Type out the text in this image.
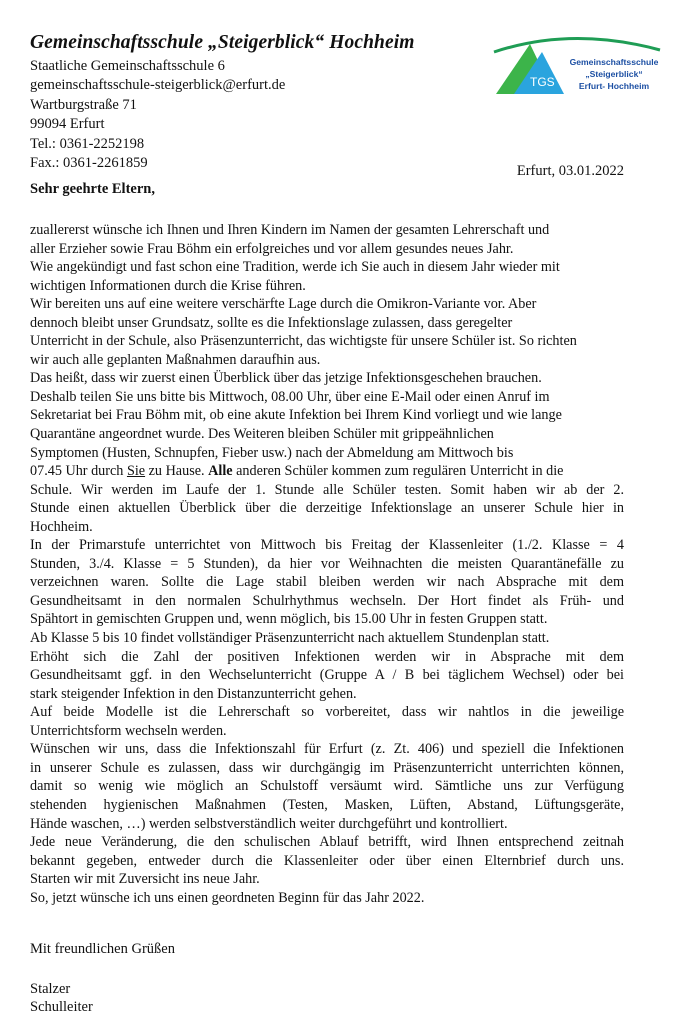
Gemeinschaftsschule „Steigerblick“ Hochheim
Staatliche Gemeinschaftsschule 6
gemeinschaftsschule-steigerblick@erfurt.de
Wartburgstraße 71
99094 Erfurt
Tel.: 0361-2252198
Fax.: 0361-2261859
TGS
Gemeinschaftsschule
„Steigerblick“
Erfurt- Hochheim
Erfurt, 03.01.2022
Sehr geehrte Eltern,
zuallererst wünsche ich Ihnen und Ihren Kindern im Namen der gesamten Lehrerschaft und
aller Erzieher sowie Frau Böhm ein erfolgreiches und vor allem gesundes neues Jahr.
Wie angekündigt und fast schon eine Tradition, werde ich Sie auch in diesem Jahr wieder mit
wichtigen Informationen durch die Krise führen.
Wir bereiten uns auf eine weitere verschärfte Lage durch die Omikron-Variante vor. Aber
dennoch bleibt unser Grundsatz, sollte es die Infektionslage zulassen, dass geregelter
Unterricht in der Schule, also Präsenzunterricht, das wichtigste für unsere Schüler ist. So richten
wir auch alle geplanten Maßnahmen daraufhin aus.
Das heißt, dass wir zuerst einen Überblick über das jetzige Infektionsgeschehen brauchen.
Deshalb teilen Sie uns bitte bis Mittwoch, 08.00 Uhr, über eine E-Mail oder einen Anruf im
Sekretariat bei Frau Böhm mit, ob eine akute Infektion bei Ihrem Kind vorliegt und wie lange
Quarantäne angeordnet wurde. Des Weiteren bleiben Schüler mit grippeähnlichen
Symptomen (Husten, Schnupfen, Fieber usw.) nach der Abmeldung am Mittwoch bis
07.45 Uhr durch Sie zu Hause. Alle anderen Schüler kommen zum regulären Unterricht in die
Schule. Wir werden im Laufe der 1. Stunde alle Schüler testen. Somit haben wir ab der 2.
Stunde einen aktuellen Überblick über die derzeitige Infektionslage an unserer Schule hier in
Hochheim.
In der Primarstufe unterrichtet von Mittwoch bis Freitag der Klassenleiter (1./2. Klasse = 4
Stunden, 3./4. Klasse = 5 Stunden), da hier vor Weihnachten die meisten Quarantänefälle zu
verzeichnen waren. Sollte die Lage stabil bleiben werden wir nach Absprache mit dem
Gesundheitsamt in den normalen Schulrhythmus wechseln. Der Hort findet als Früh- und
Spähtort in gemischten Gruppen und, wenn möglich, bis 15.00 Uhr in festen Gruppen statt.
Ab Klasse 5 bis 10 findet vollständiger Präsenzunterricht nach aktuellem Stundenplan statt.
Erhöht sich die Zahl der positiven Infektionen werden wir in Absprache mit dem
Gesundheitsamt ggf. in den Wechselunterricht (Gruppe A / B bei täglichem Wechsel) oder bei
stark steigender Infektion in den Distanzunterricht gehen.
Auf beide Modelle ist die Lehrerschaft so vorbereitet, dass wir nahtlos in die jeweilige
Unterrichtsform wechseln werden.
Wünschen wir uns, dass die Infektionszahl für Erfurt (z. Zt. 406) und speziell die Infektionen
in unserer Schule es zulassen, dass wir durchgängig im Präsenzunterricht unterrichten können,
damit so wenig wie möglich an Schulstoff versäumt wird. Sämtliche uns zur Verfügung
stehenden hygienischen Maßnahmen (Testen, Masken, Lüften, Abstand, Lüftungsgeräte,
Hände waschen, …) werden selbstverständlich weiter durchgeführt und kontrolliert.
Jede neue Veränderung, die den schulischen Ablauf betrifft, wird Ihnen entsprechend zeitnah
bekannt gegeben, entweder durch die Klassenleiter oder über einen Elternbrief durch uns.
Starten wir mit Zuversicht ins neue Jahr.
So, jetzt wünsche ich uns einen geordneten Beginn für das Jahr 2022.
Mit freundlichen Grüßen
Stalzer
Schulleiter
